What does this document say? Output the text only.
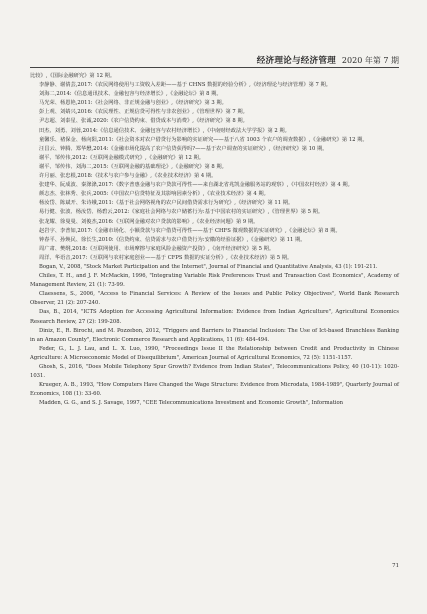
经济理论与经济管理 2020 年第 7 期

比较》,《国际金融研究》第 12 期。

李静静、谢倩芸,2017:《农民网络使用与工资收入差距——基于 CHNS 数据的经验分析》,《经济理论与经济管理》第 7 期。

刘海二,2014:《信息通讯技术、金融包容与经济增长》,《金融论坛》第 8 期。

马光荣、杨恩艳,2011:《社会网络、非正规金融与创业》,《经济研究》第 3 期。

彭上观、刘婧兴,2016:《农民理性、正规信贷可得性与非农创业》,《管理世界》第 7 期。

尹志超、刘泰星、张诚,2020:《农户信贷约束、借贷成本与消费》,《经济研究》第 8 期。

田杰、刘勇、刘蓉,2014:《信息通信技术、金融包容与农村经济增长》,《中南财经政法大学学报》第 2 期。

童馨乐、褚保金、杨向阳,2011:《社会资本对农户借贷行为影响的实证研究——基于八省 1003 个农户的调查数据》,《金融研究》第 12 期。

汪昌云、钟腾、郑华懋,2014:《金融市场化提高了农户信贷获得吗?——基于农户调查的实证研究》,《经济研究》第 10 期。

谢平、邹传伟,2012:《互联网金融模式研究》,《金融研究》第 12 期。

谢平、邹传伟、刘海二,2015:《互联网金融的基础理论》,《金融研究》第 8 期。

许月丽、张忠根,2018:《技术与农户参与金融》,《农业技术经济》第 4 期。

张建华、阮成波、秦涤涤,2017:《数字普惠金融与农户贷款可得性——来自湖北省兆凯金融服务站的观察》,《中国农村经济》第 4 期。

颜志杰、张林秀、张兵,2005:《中国农户信贷特征及其影响因素分析》,《农业技术经济》第 4 期。

杨汝岱、陈斌开、朱诗娥,2011:《基于社会网络视角的农户民间借贷需求行为研究》,《经济研究》第 11 期。

易行健、张波、杨汝岱、杨碧云,2012:《家庭社会网络与农户储蓄行为:基于中国农村的实证研究》,《管理世界》第 5 期。

张龙耀、徐曼曼、刘俊杰,2016:《互联网金融对农户贷款的影响》,《农业经济问题》第 9 期。

赵岩宇、李普如,2017:《金融市场化、小额贷款与农户借贷可得性——基于 CHFS 微观数据的实证研究》,《金融论坛》第 8 期。

钟春平、孙焕民、徐长生,2010:《信贷约束、信贷需求与农户借贷行为:安徽的经验证据》,《金融研究》第 11 期。

周广肃、樊纲,2018:《互联网使用、市场摩擦与家庭风险金融资产投资》,《南开经济研究》第 5 期。

周洋、华语音,2017:《互联网与农村家庭创业——基于 CFPS 数据的实证分析》,《农业技术经济》第 5 期。

Bogan, V., 2008, "Stock Market Participation and the Internet", Journal of Financial and Quantitative Analysis, 43 (1): 191-211.

Chiles, T. H., and J. F. McMackin, 1996, "Integrating Variable Risk Preferences Trust and Transaction Cost Economics", Academy of Management Review, 21 (1): 73-99.

Claessens, S., 2006, "Access to Financial Services: A Review of the Issues and Public Policy Objectives", World Bank Research Observer, 21 (2): 207-240.

Das, B., 2014, "ICTS Adoption for Accessing Agricultural Information: Evidence from Indian Agriculture", Agricultural Economics Research Review, 27 (2): 199-208.

Diniz, E., R. Birochi, and M. Pozzebon, 2012, "Triggers and Barriers to Financial Inclusion: The Use of Ict-based Branchless Banking in an Amazon County", Electronic Commerce Research and Applications, 11 (6): 484-494.

Feder, G., L. J. Lau, and L. X. Luo, 1990, "Proceedings Issue II the Relationship between Credit and Productivity in Chinese Agriculture: A Microeconomic Model of Disequilibrium", American Journal of Agricultural Economics, 72 (5): 1151-1157.

Ghosh, S., 2016, "Does Mobile Telephony Spur Growth? Evidence from Indian States", Telecommunications Policy, 40 (10-11): 1020-1031.

Krueger, A. B., 1993, "How Computers Have Changed the Wage Structure: Evidence from Microdata, 1984-1989", Quarterly Journal of Economics, 108 (1): 33-60.

Madden, G. G., and S. J. Savage, 1997, "CEE Telecommunications Investment and Economic Growth", Information

71
